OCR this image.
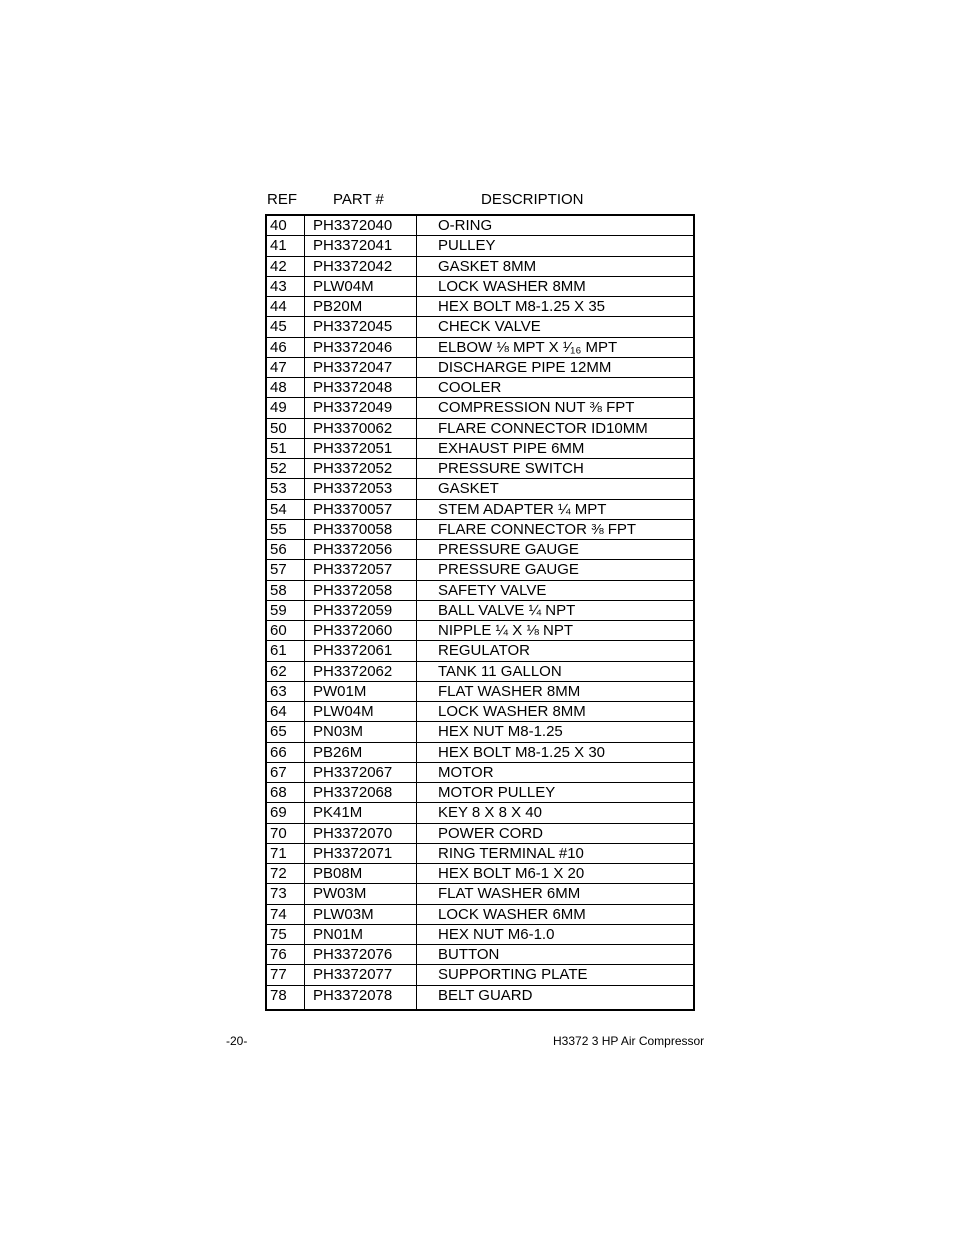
REF PART #	DESCRIPTION
40 PH3372040	O-RING
41 PH3372041	PULLEY
42 PH3372042	GASKET 8MM
43 PLW04M	LOCK WASHER 8MM
44 PB20M	HEX BOLT M8-1.25 X 35
45 PH3372045	CHECK VALVE
46 PH3372046	ELBOW ⅛ MPT X ¹⁄₁₆ MPT
47 PH3372047	DISCHARGE PIPE 12MM
48 PH3372048	COOLER
49 PH3372049	COMPRESSION NUT ⅜ FPT
50 PH3370062	FLARE CONNECTOR ID10MM
51 PH3372051	EXHAUST PIPE 6MM
52 PH3372052	PRESSURE SWITCH
53 PH3372053	GASKET
54 PH3370057	STEM ADAPTER ¼ MPT
55 PH3370058	FLARE CONNECTOR ⅜ FPT
56 PH3372056	PRESSURE GAUGE
57 PH3372057	PRESSURE GAUGE
58 PH3372058	SAFETY VALVE
59 PH3372059	BALL VALVE ¼ NPT
60 PH3372060	NIPPLE ¼ X ⅛ NPT
61 PH3372061	REGULATOR
62 PH3372062	TANK 11 GALLON
63 PW01M	FLAT WASHER 8MM
64 PLW04M	LOCK WASHER 8MM
65 PN03M	HEX NUT M8-1.25
66 PB26M	HEX BOLT M8-1.25 X 30
67 PH3372067	MOTOR
68 PH3372068	MOTOR PULLEY
69 PK41M	KEY 8 X 8 X 40
70 PH3372070	POWER CORD
71 PH3372071	RING TERMINAL #10
72 PB08M	HEX BOLT M6-1 X 20
73 PW03M	FLAT WASHER 6MM
74 PLW03M	LOCK WASHER 6MM
75 PN01M	HEX NUT M6-1.0
76 PH3372076	BUTTON
77 PH3372077	SUPPORTING PLATE
78 PH3372078	BELT GUARD
-20-	H3372 3 HP Air Compressor
